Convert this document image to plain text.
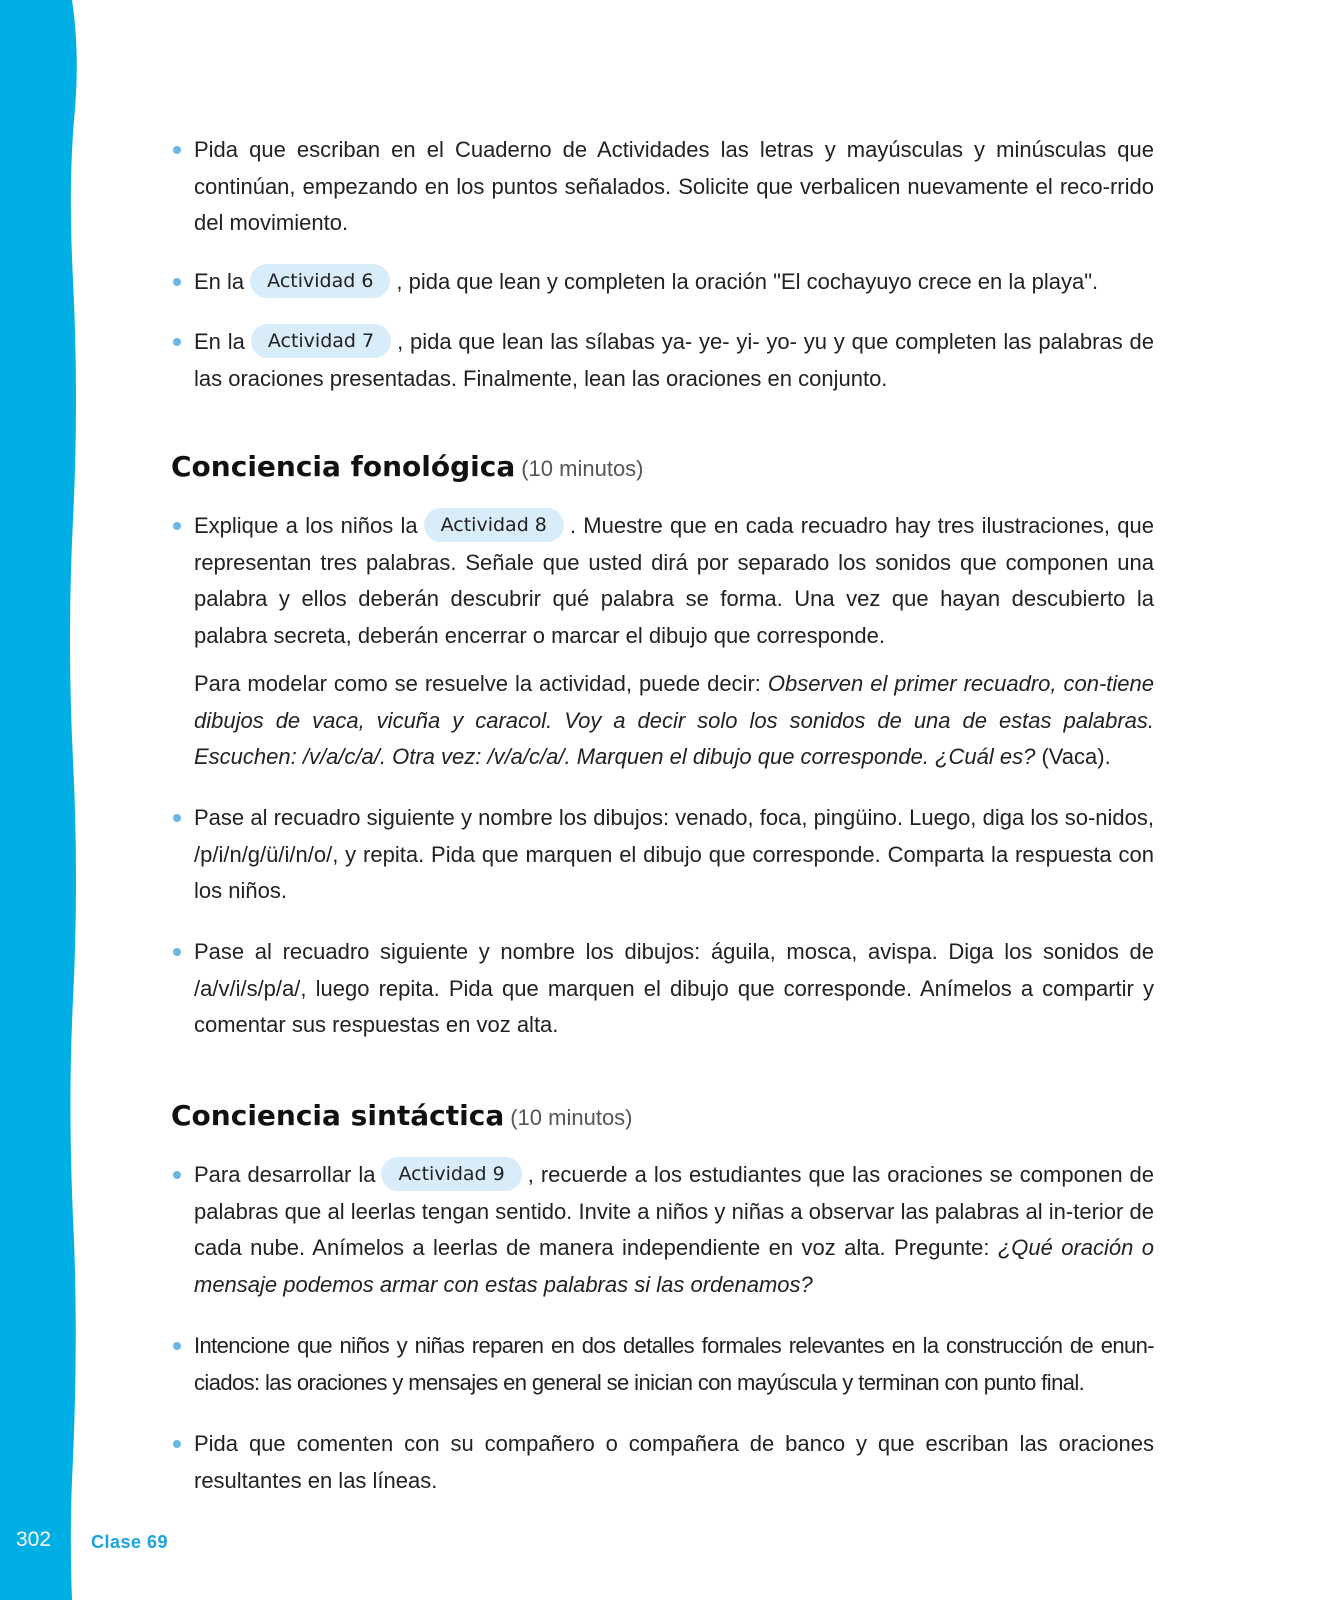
Pida que escriban en el Cuaderno de Actividades las letras y mayúsculas y minúsculas que continúan, empezando en los puntos señalados. Solicite que verbalicen nuevamente el reco-rrido del movimiento.
En la Actividad 6 , pida que lean y completen la oración "El cochayuyo crece en la playa".
En la Actividad 7 , pida que lean las sílabas ya- ye- yi- yo- yu y que completen las palabras de las oraciones presentadas. Finalmente, lean las oraciones en conjunto.
Conciencia fonológica (10 minutos)
Explique a los niños la Actividad 8 . Muestre que en cada recuadro hay tres ilustraciones, que representan tres palabras. Señale que usted dirá por separado los sonidos que componen una palabra y ellos deberán descubrir qué palabra se forma. Una vez que hayan descubierto la palabra secreta, deberán encerrar o marcar el dibujo que corresponde.
Para modelar como se resuelve la actividad, puede decir: Observen el primer recuadro, con-tiene dibujos de vaca, vicuña y caracol. Voy a decir solo los sonidos de una de estas palabras. Escuchen: /v/a/c/a/. Otra vez: /v/a/c/a/. Marquen el dibujo que corresponde. ¿Cuál es? (Vaca).
Pase al recuadro siguiente y nombre los dibujos: venado, foca, pingüino. Luego, diga los so-nidos, /p/i/n/g/ü/i/n/o/, y repita. Pida que marquen el dibujo que corresponde. Comparta la respuesta con los niños.
Pase al recuadro siguiente y nombre los dibujos: águila, mosca, avispa. Diga los sonidos de /a/v/i/s/p/a/, luego repita. Pida que marquen el dibujo que corresponde. Anímelos a compartir y comentar sus respuestas en voz alta.
Conciencia sintáctica (10 minutos)
Para desarrollar la Actividad 9 , recuerde a los estudiantes que las oraciones se componen de palabras que al leerlas tengan sentido. Invite a niños y niñas a observar las palabras al in-terior de cada nube. Anímelos a leerlas de manera independiente en voz alta. Pregunte: ¿Qué oración o mensaje podemos armar con estas palabras si las ordenamos?
Intencione que niños y niñas reparen en dos detalles formales relevantes en la construcción de enun-ciados: las oraciones y mensajes en general se inician con mayúscula y terminan con punto final.
Pida que comenten con su compañero o compañera de banco y que escriban las oraciones resultantes en las líneas.
302	Clase 69
